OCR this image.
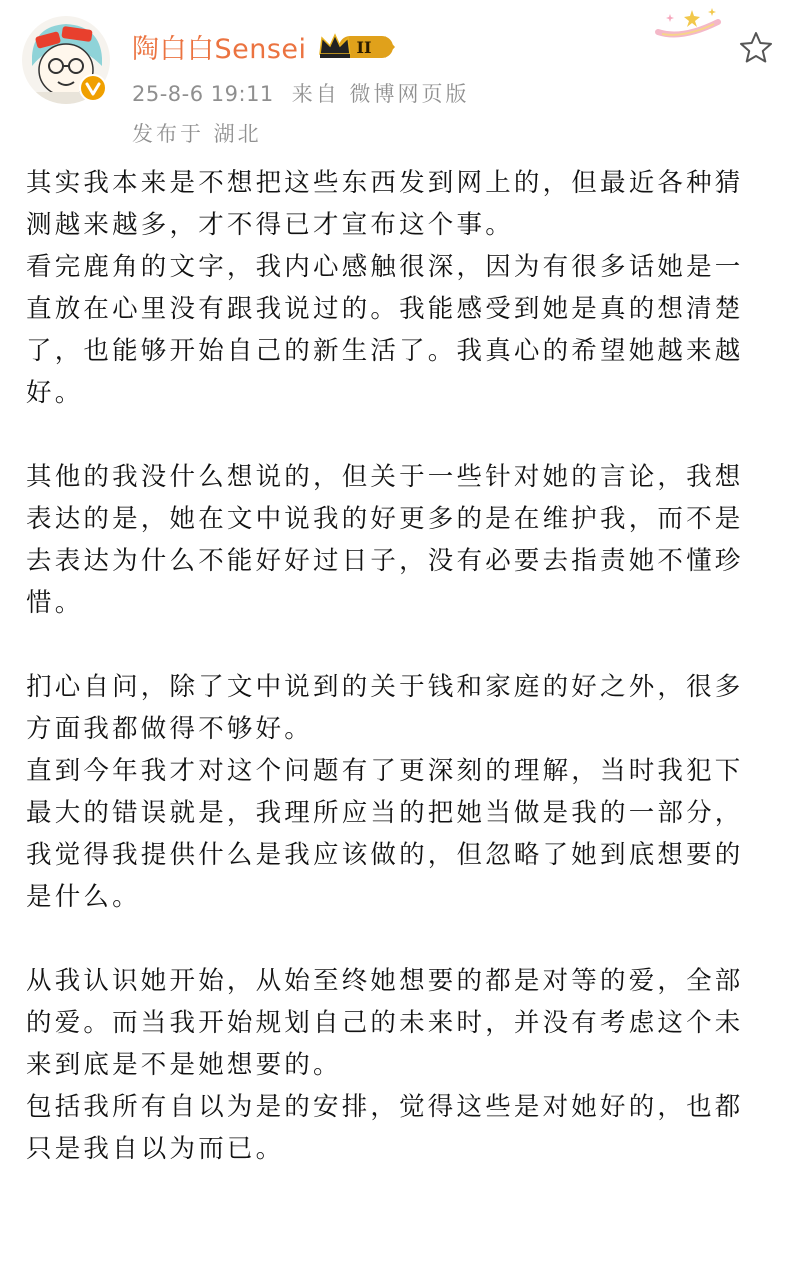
陶白白Sensei	II
25-8-6 19:11 来自 微博网页版
发布于 湖北

其实我本来是不想把这些东西发到网上的，但最近各种猜测越来越多，才不得已才宣布这个事。

看完鹿角的文字，我内心感触很深，因为有很多话她是一直放在心里没有跟我说过的。我能感受到她是真的想清楚了，也能够开始自己的新生活了。我真心的希望她越来越好。

其他的我没什么想说的，但关于一些针对她的言论，我想表达的是，她在文中说我的好更多的是在维护我，而不是去表达为什么不能好好过日子，没有必要去指责她不懂珍惜。

扪心自问，除了文中说到的关于钱和家庭的好之外，很多方面我都做得不够好。

直到今年我才对这个问题有了更深刻的理解，当时我犯下最大的错误就是，我理所应当的把她当做是我的一部分，我觉得我提供什么是我应该做的，但忽略了她到底想要的是什么。

从我认识她开始，从始至终她想要的都是对等的爱，全部的爱。而当我开始规划自己的未来时，并没有考虑这个未来到底是不是她想要的。

包括我所有自以为是的安排，觉得这些是对她好的，也都只是我自以为而已。
